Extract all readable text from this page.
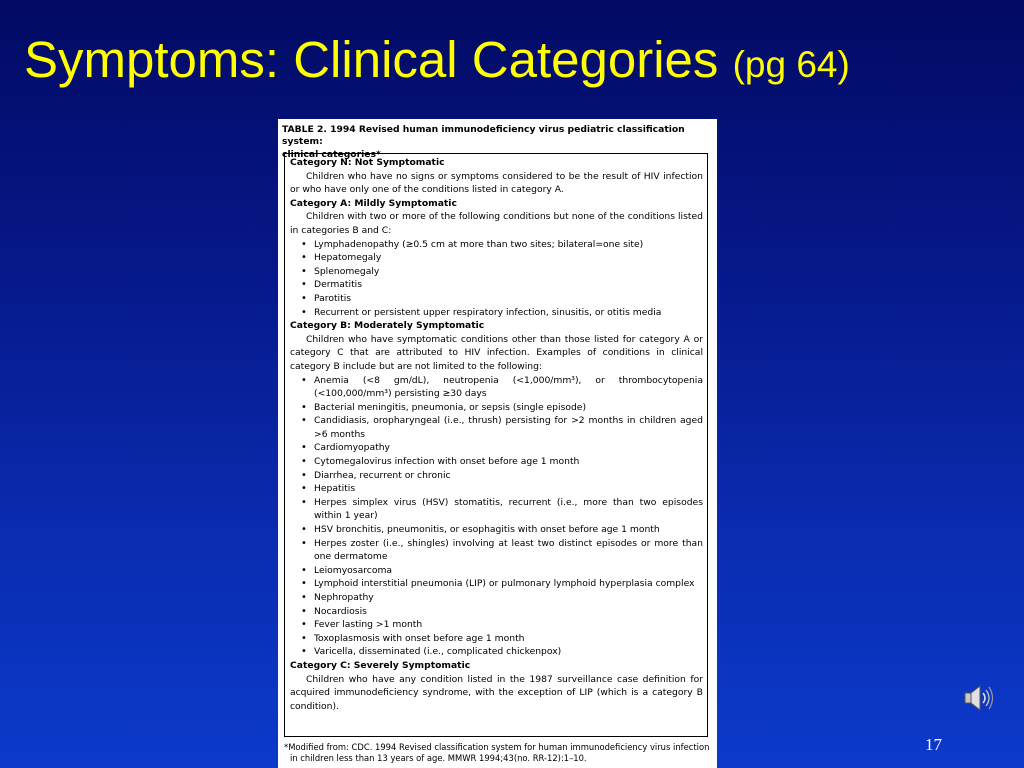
Symptoms: Clinical Categories (pg 64)
TABLE 2. 1994 Revised human immunodeficiency virus pediatric classification system:
clinical categories*
Category N: Not Symptomatic
Children who have no signs or symptoms considered to be the result of HIV infection or who have only one of the conditions listed in category A.
Category A: Mildly Symptomatic
Children with two or more of the following conditions but none of the conditions listed in categories B and C:
• Lymphadenopathy (≥0.5 cm at more than two sites; bilateral=one site)
• Hepatomegaly
• Splenomegaly
• Dermatitis
• Parotitis
• Recurrent or persistent upper respiratory infection, sinusitis, or otitis media
Category B: Moderately Symptomatic
Children who have symptomatic conditions other than those listed for category A or category C that are attributed to HIV infection. Examples of conditions in clinical category B include but are not limited to the following:
• Anemia (<8 gm/dL), neutropenia (<1,000/mm³), or thrombocytopenia (<100,000/mm³) persisting ≥30 days
• Bacterial meningitis, pneumonia, or sepsis (single episode)
• Candidiasis, oropharyngeal (i.e., thrush) persisting for >2 months in children aged >6 months
• Cardiomyopathy
• Cytomegalovirus infection with onset before age 1 month
• Diarrhea, recurrent or chronic
• Hepatitis
• Herpes simplex virus (HSV) stomatitis, recurrent (i.e., more than two episodes within 1 year)
• HSV bronchitis, pneumonitis, or esophagitis with onset before age 1 month
• Herpes zoster (i.e., shingles) involving at least two distinct episodes or more than one dermatome
• Leiomyosarcoma
• Lymphoid interstitial pneumonia (LIP) or pulmonary lymphoid hyperplasia complex
• Nephropathy
• Nocardiosis
• Fever lasting >1 month
• Toxoplasmosis with onset before age 1 month
• Varicella, disseminated (i.e., complicated chickenpox)
Category C: Severely Symptomatic
Children who have any condition listed in the 1987 surveillance case definition for acquired immunodeficiency syndrome, with the exception of LIP (which is a category B condition).
*Modified from: CDC. 1994 Revised classification system for human immunodeficiency virus infection in children less than 13 years of age. MMWR 1994;43(no. RR-12):1–10.
17
